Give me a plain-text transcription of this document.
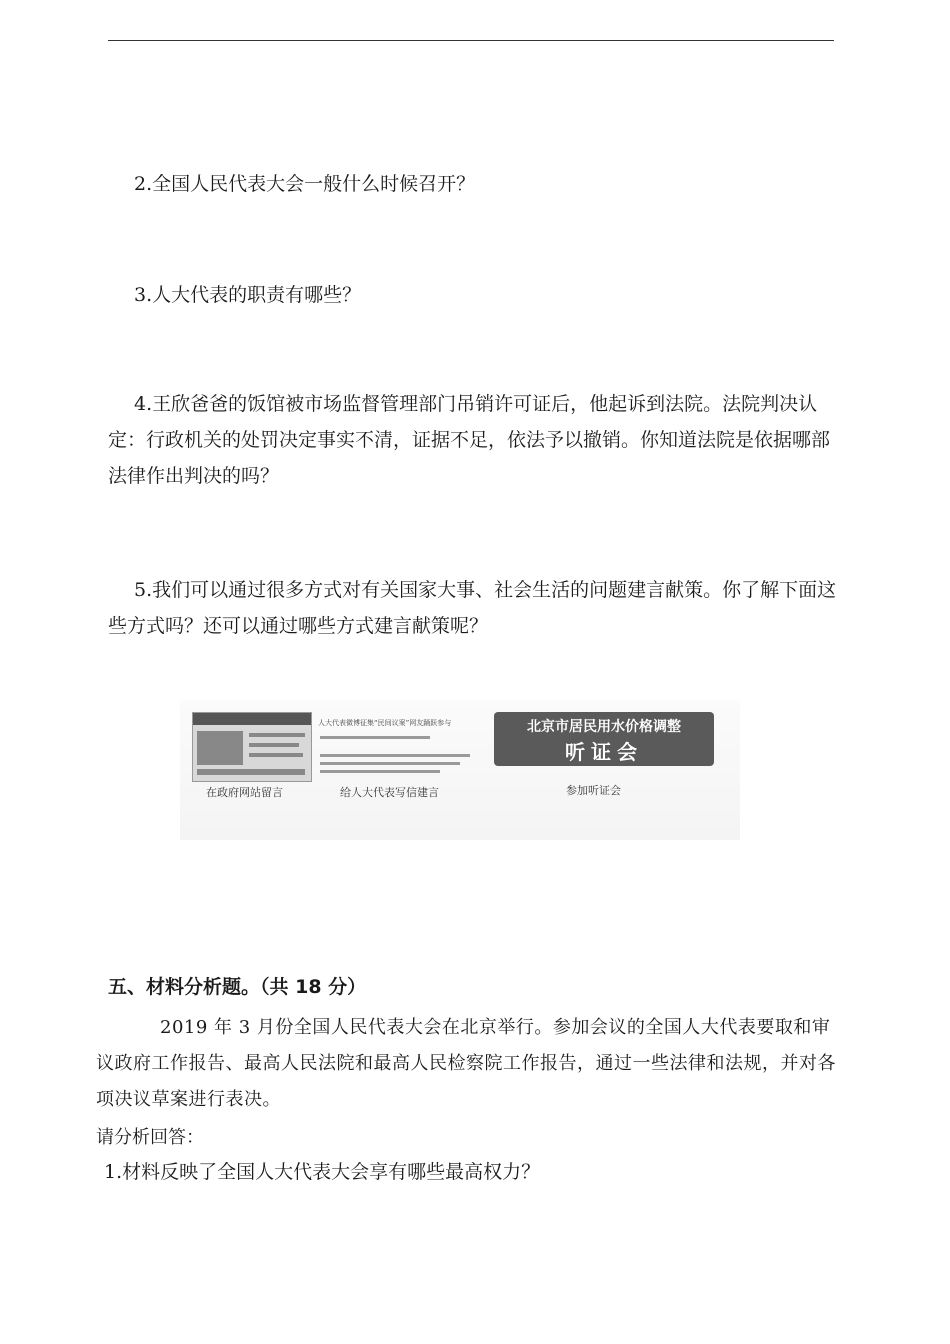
2.全国人民代表大会一般什么时候召开？

3.人大代表的职责有哪些？

4.王欣爸爸的饭馆被市场监督管理部门吊销许可证后，他起诉到法院。法院判决认定：行政机关的处罚决定事实不清，证据不足，依法予以撤销。你知道法院是依据哪部法律作出判决的吗？

5.我们可以通过很多方式对有关国家大事、社会生活的问题建言献策。你了解下面这些方式吗？还可以通过哪些方式建言献策呢？

在政府网站留言
人大代表微博征集“民间议案”网友踊跃参与
给人大代表写信建言
北京市居民用水价格调整
听证会
参加听证会

五、材料分析题。（共 18 分）

2019 年 3 月份全国人民代表大会在北京举行。参加会议的全国人大代表要取和审议政府工作报告、最高人民法院和最高人民检察院工作报告，通过一些法律和法规，并对各项决议草案进行表决。

请分析回答：

1.材料反映了全国人大代表大会享有哪些最高权力？
